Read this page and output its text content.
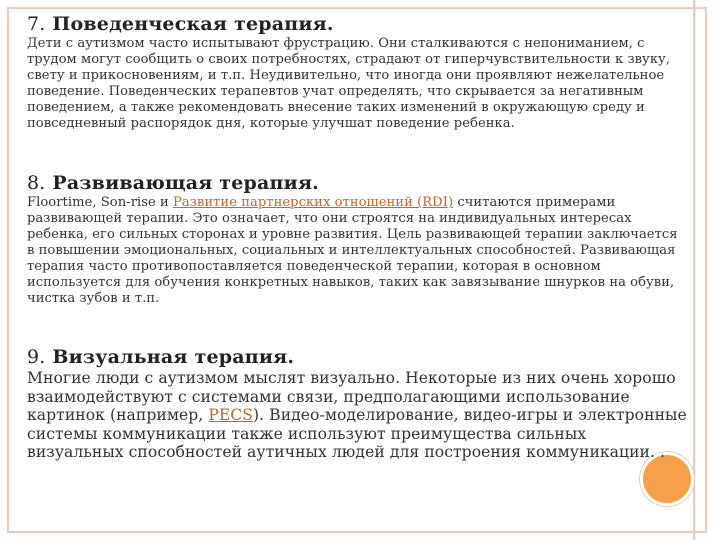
7. Поведенческая терапия.

Дети с аутизмом часто испытывают фрустрацию. Они сталкиваются с непониманием, с трудом могут сообщить о своих потребностях, страдают от гиперчувствительности к звуку, свету и прикосновениям, и т.п. Неудивительно, что иногда они проявляют нежелательное поведение. Поведенческих терапевтов учат определять, что скрывается за негативным поведением, а также рекомендовать внесение таких изменений в окружающую среду и повседневный распорядок дня, которые улучшат поведение ребенка.

8. Развивающая терапия.

Floortime, Son-rise и Развитие партнерских отношений (RDI) считаются примерами развивающей терапии. Это означает, что они строятся на индивидуальных интересах ребенка, его сильных сторонах и уровне развития. Цель развивающей терапии заключается в повышении эмоциональных, социальных и интеллектуальных способностей. Развивающая терапия часто противопоставляется поведенческой терапии, которая в основном используется для обучения конкретных навыков, таких как завязывание шнурков на обуви, чистка зубов и т.п.

9. Визуальная терапия.

Многие люди с аутизмом мыслят визуально. Некоторые из них очень хорошо взаимодействуют с системами связи, предполагающими использование картинок (например, PECS). Видео-моделирование, видео-игры и электронные системы коммуникации также используют преимущества сильных визуальных способностей аутичных людей для построения коммуникации. .
